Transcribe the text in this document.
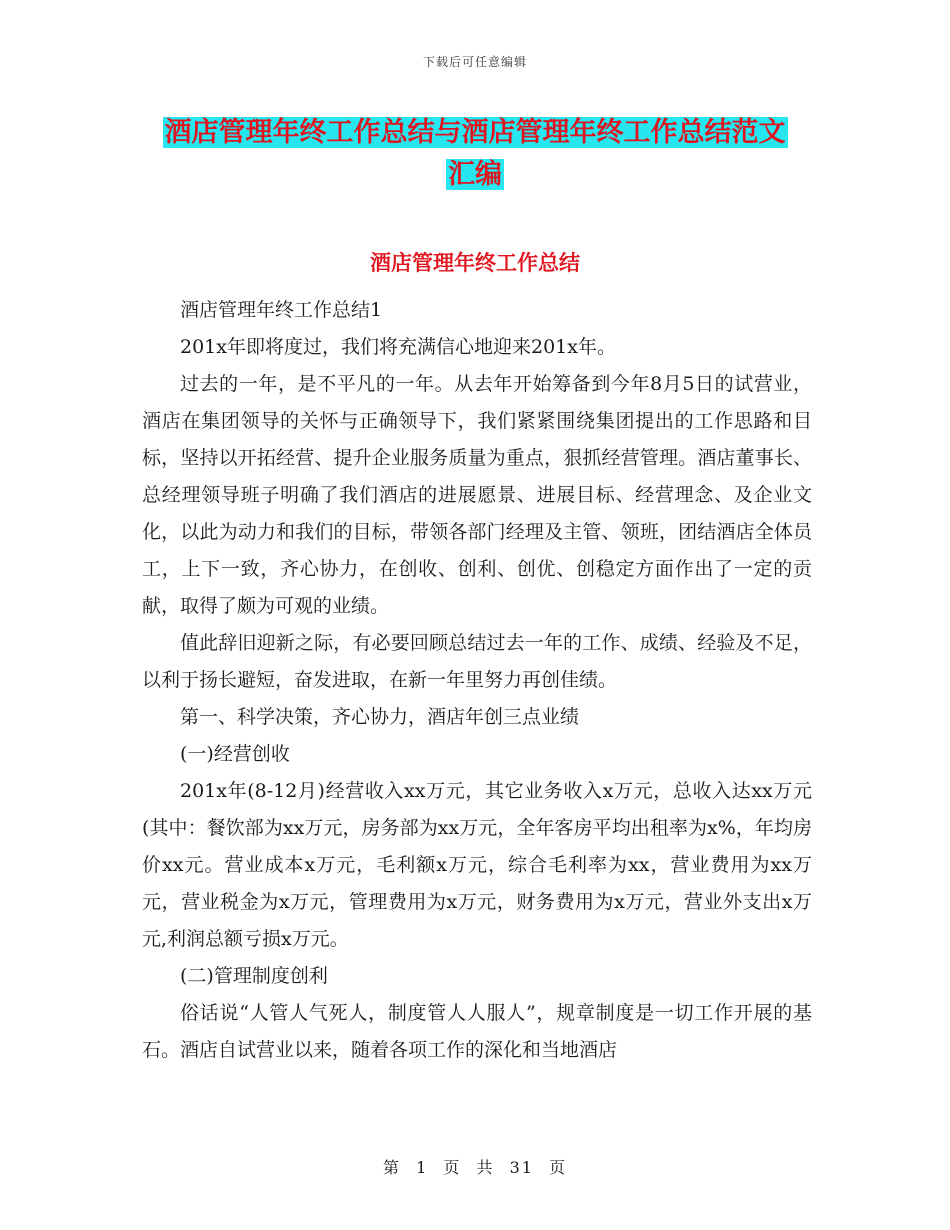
下载后可任意编辑
酒店管理年终工作总结与酒店管理年终工作总结范文
汇编
酒店管理年终工作总结

酒店管理年终工作总结1

201x年即将度过，我们将充满信心地迎来201x年。

过去的一年，是不平凡的一年。从去年开始筹备到今年8月5日的试营业，酒店在集团领导的关怀与正确领导下，我们紧紧围绕集团提出的工作思路和目标，坚持以开拓经营、提升企业服务质量为重点，狠抓经营管理。酒店董事长、总经理领导班子明确了我们酒店的进展愿景、进展目标、经营理念、及企业文化，以此为动力和我们的目标，带领各部门经理及主管、领班，团结酒店全体员工，上下一致，齐心协力，在创收、创利、创优、创稳定方面作出了一定的贡献，取得了颇为可观的业绩。

值此辞旧迎新之际，有必要回顾总结过去一年的工作、成绩、经验及不足，以利于扬长避短，奋发进取，在新一年里努力再创佳绩。

第一、科学决策，齐心协力，酒店年创三点业绩

(一)经营创收

201x年(8-12月)经营收入xx万元，其它业务收入x万元，总收入达xx万元(其中：餐饮部为xx万元，房务部为xx万元，全年客房平均出租率为x%，年均房价xx元。营业成本x万元，毛利额x万元，综合毛利率为xx，营业费用为xx万元，营业税金为x万元，管理费用为x万元，财务费用为x万元，营业外支出x万元,利润总额亏损x万元。

(二)管理制度创利

俗话说“人管人气死人，制度管人人服人”，规章制度是一切工作开展的基石。酒店自试营业以来，随着各项工作的深化和当地酒店

第 1 页 共 31 页
